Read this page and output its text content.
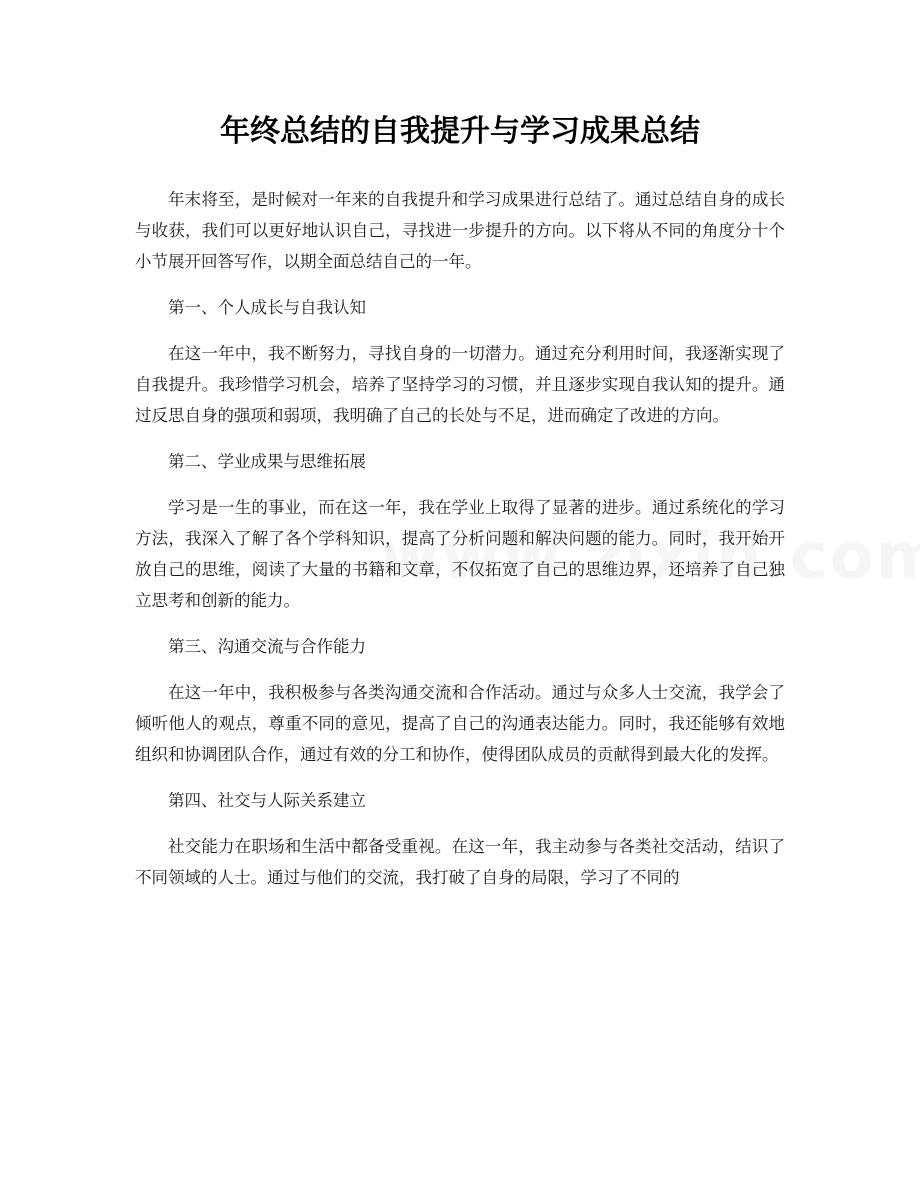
年终总结的自我提升与学习成果总结

年末将至，是时候对一年来的自我提升和学习成果进行总结了。通过总结自身的成长与收获，我们可以更好地认识自己，寻找进一步提升的方向。以下将从不同的角度分十个小节展开回答写作，以期全面总结自己的一年。

第一、个人成长与自我认知

在这一年中，我不断努力，寻找自身的一切潜力。通过充分利用时间，我逐渐实现了自我提升。我珍惜学习机会，培养了坚持学习的习惯，并且逐步实现自我认知的提升。通过反思自身的强项和弱项，我明确了自己的长处与不足，进而确定了改进的方向。

第二、学业成果与思维拓展

学习是一生的事业，而在这一年，我在学业上取得了显著的进步。通过系统化的学习方法，我深入了解了各个学科知识，提高了分析问题和解决问题的能力。同时，我开始开放自己的思维，阅读了大量的书籍和文章，不仅拓宽了自己的思维边界，还培养了自己独立思考和创新的能力。

第三、沟通交流与合作能力

在这一年中，我积极参与各类沟通交流和合作活动。通过与众多人士交流，我学会了倾听他人的观点，尊重不同的意见，提高了自己的沟通表达能力。同时，我还能够有效地组织和协调团队合作，通过有效的分工和协作，使得团队成员的贡献得到最大化的发挥。

第四、社交与人际关系建立

社交能力在职场和生活中都备受重视。在这一年，我主动参与各类社交活动，结识了不同领域的人士。通过与他们的交流，我打破了自身的局限，学习了不同的
